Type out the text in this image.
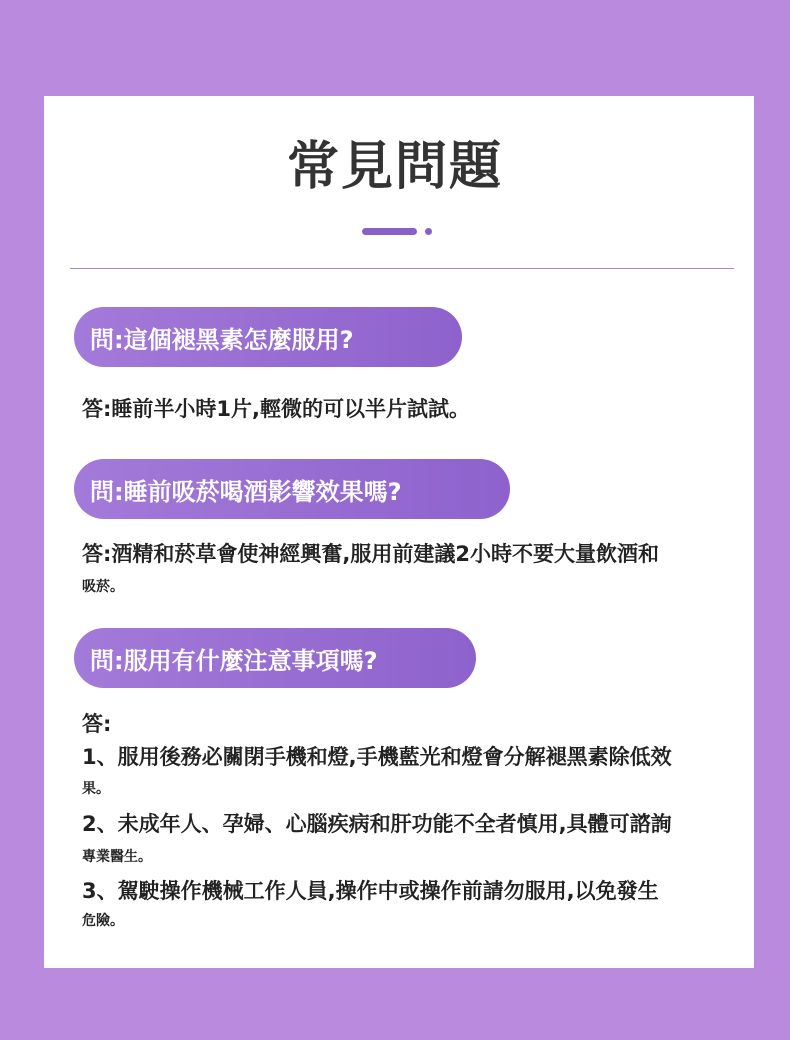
常見問題
問:這個褪黑素怎麼服用?
答:睡前半小時1片,輕微的可以半片試試。
問:睡前吸菸喝酒影響效果嗎?
答:酒精和菸草會使神經興奮,服用前建議2小時不要大量飲酒和
吸菸。
問:服用有什麼注意事項嗎?
答:
1、服用後務必關閉手機和燈,手機藍光和燈會分解褪黑素除低效
果。
2、未成年人、孕婦、心腦疾病和肝功能不全者慎用,具體可諮詢
專業醫生。
3、駕駛操作機械工作人員,操作中或操作前請勿服用,以免發生
危險。
